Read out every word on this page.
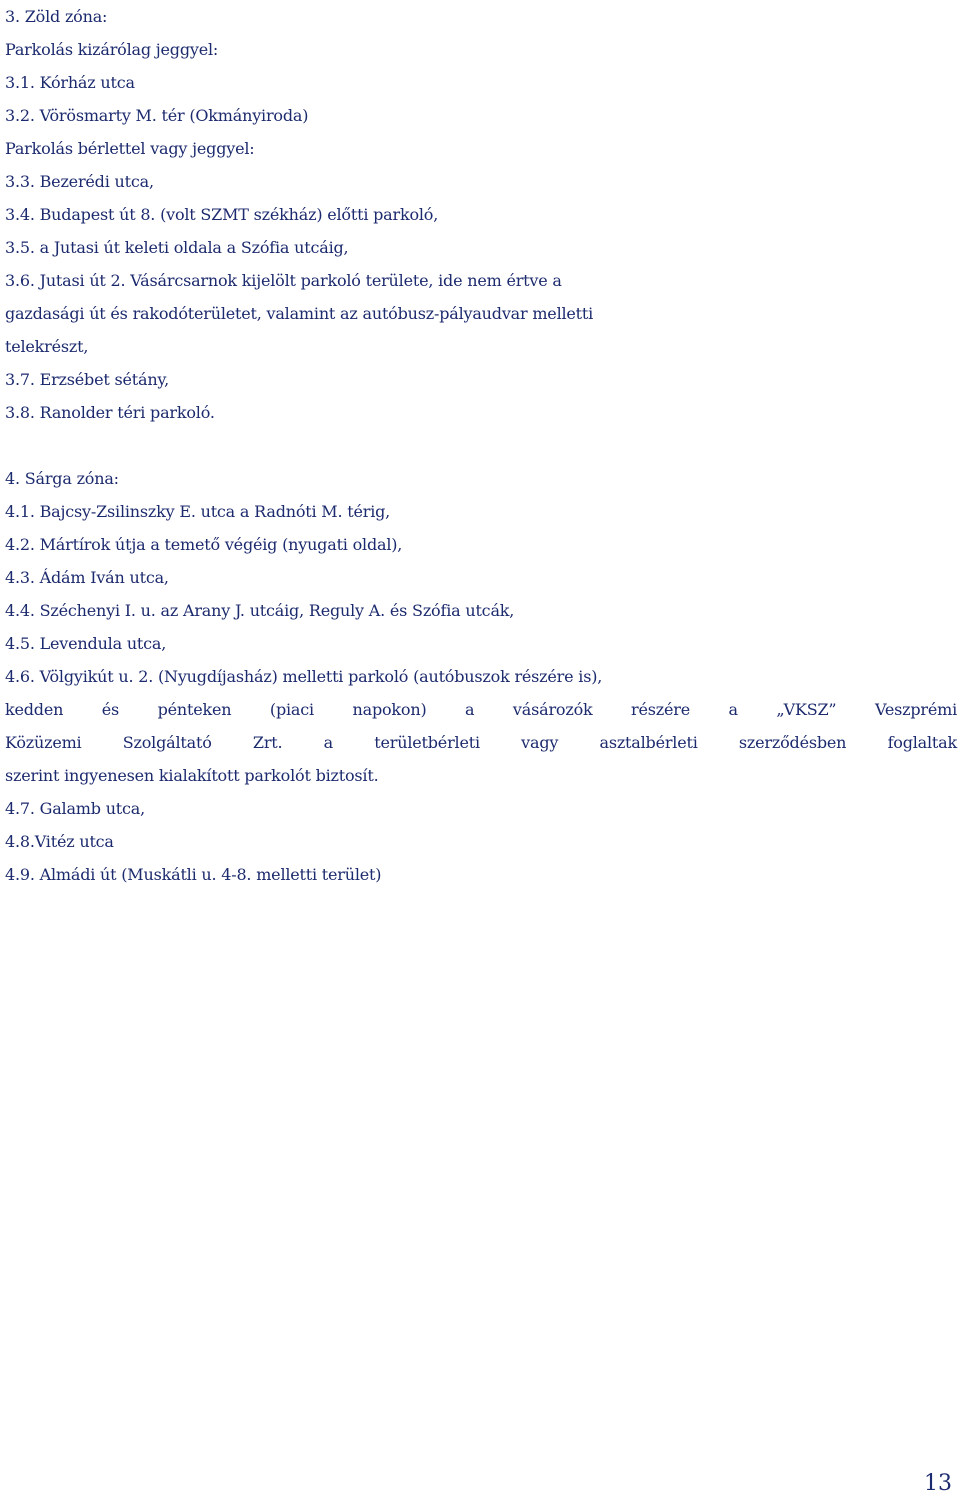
3. Zöld zóna:
Parkolás kizárólag jeggyel:
3.1. Kórház utca
3.2. Vörösmarty M. tér (Okmányiroda)
Parkolás bérlettel vagy jeggyel:
3.3. Bezerédi utca,
3.4. Budapest út 8. (volt SZMT székház) előtti parkoló,
3.5. a Jutasi út keleti oldala a Szófia utcáig,
3.6. Jutasi út 2. Vásárcsarnok kijelölt parkoló területe, ide nem értve a
gazdasági út és rakodóterületet, valamint az autóbusz-pályaudvar melletti
telekrészt,
3.7. Erzsébet sétány,
3.8. Ranolder téri parkoló.
4. Sárga zóna:
4.1. Bajcsy-Zsilinszky E. utca a Radnóti M. térig,
4.2. Mártírok útja a temető végéig (nyugati oldal),
4.3. Ádám Iván utca,
4.4. Széchenyi I. u. az Arany J. utcáig, Reguly A. és Szófia utcák,
4.5. Levendula utca,
4.6. Völgyikút u. 2. (Nyugdíjasház) melletti parkoló (autóbuszok részére is),
kedden és pénteken (piaci napokon) a vásározók részére a „VKSZ” Veszprémi
Közüzemi Szolgáltató Zrt. a területbérleti vagy asztalbérleti szerződésben foglaltak
szerint ingyenesen kialakított parkolót biztosít.
4.7. Galamb utca,
4.8.Vitéz utca
4.9. Almádi út (Muskátli u. 4-8. melletti terület)
13
